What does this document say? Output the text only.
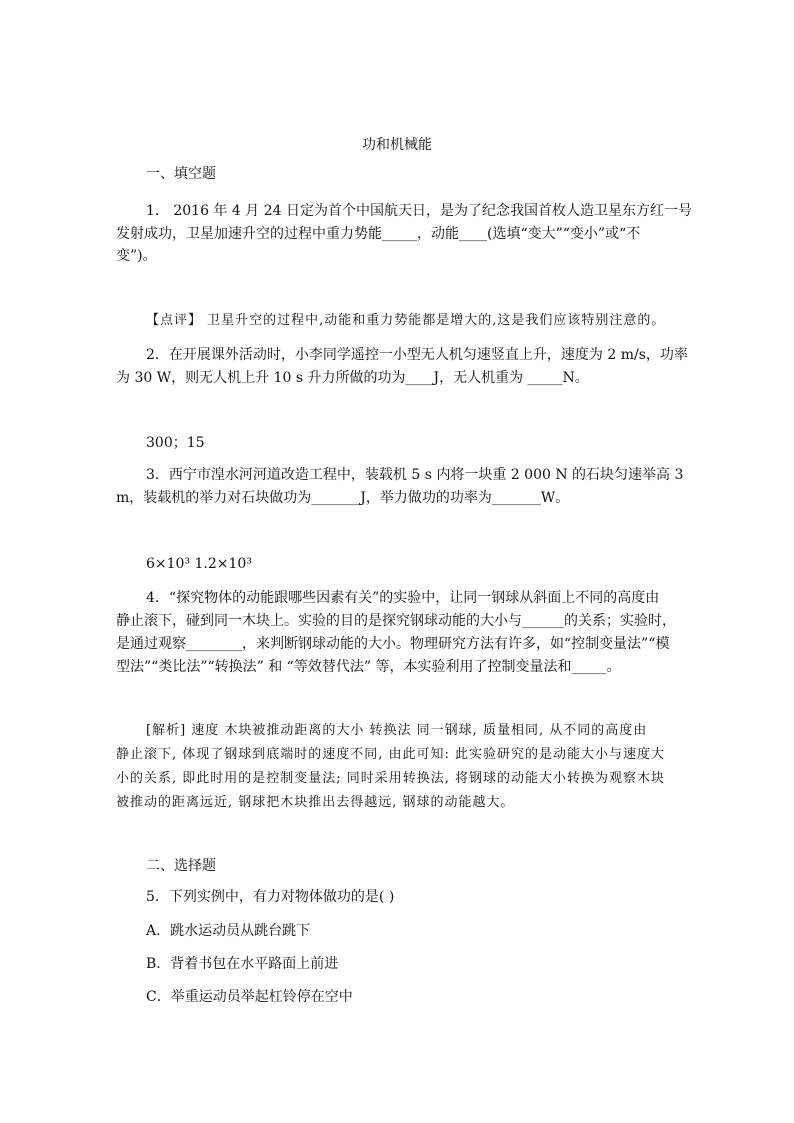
功和机械能
一、填空题
1． 2016 年 4 月 24 日定为首个中国航天日，是为了纪念我国首枚人造卫星东方红一号
发射成功，卫星加速升空的过程中重力势能_____，动能____(选填“变大”“变小”或“不
变”)。
【点评】 卫星升空的过程中,动能和重力势能都是增大的,这是我们应该特别注意的。
2．在开展课外活动时，小李同学遥控一小型无人机匀速竖直上升，速度为 2 m/s，功率
为 30 W，则无人机上升 10 s 升力所做的功为____J，无人机重为 _____N。
300；15
3．西宁市湟水河河道改造工程中，装载机 5 s 内将一块重 2 000 N 的石块匀速举高 3
m，装载机的举力对石块做功为_______J，举力做功的功率为_______W。
6×10³ 1.2×10³
4．“探究物体的动能跟哪些因素有关”的实验中，让同一钢球从斜面上不同的高度由
静止滚下，碰到同一木块上。实验的目的是探究钢球动能的大小与______的关系；实验时，
是通过观察________，来判断钢球动能的大小。物理研究方法有许多，如“控制变量法”“模
型法”“类比法”“转换法” 和 “等效替代法” 等，本实验利用了控制变量法和_____。
[解析] 速度 木块被推动距离的大小 转换法 同一钢球, 质量相同, 从不同的高度由
静止滚下, 体现了钢球到底端时的速度不同, 由此可知: 此实验研究的是动能大小与速度大
小的关系, 即此时用的是控制变量法; 同时采用转换法, 将钢球的动能大小转换为观察木块
被推动的距离远近, 钢球把木块推出去得越远, 钢球的动能越大。
二、选择题
5．下列实例中，有力对物体做功的是( )
A．跳水运动员从跳台跳下
B．背着书包在水平路面上前进
C．举重运动员举起杠铃停在空中
